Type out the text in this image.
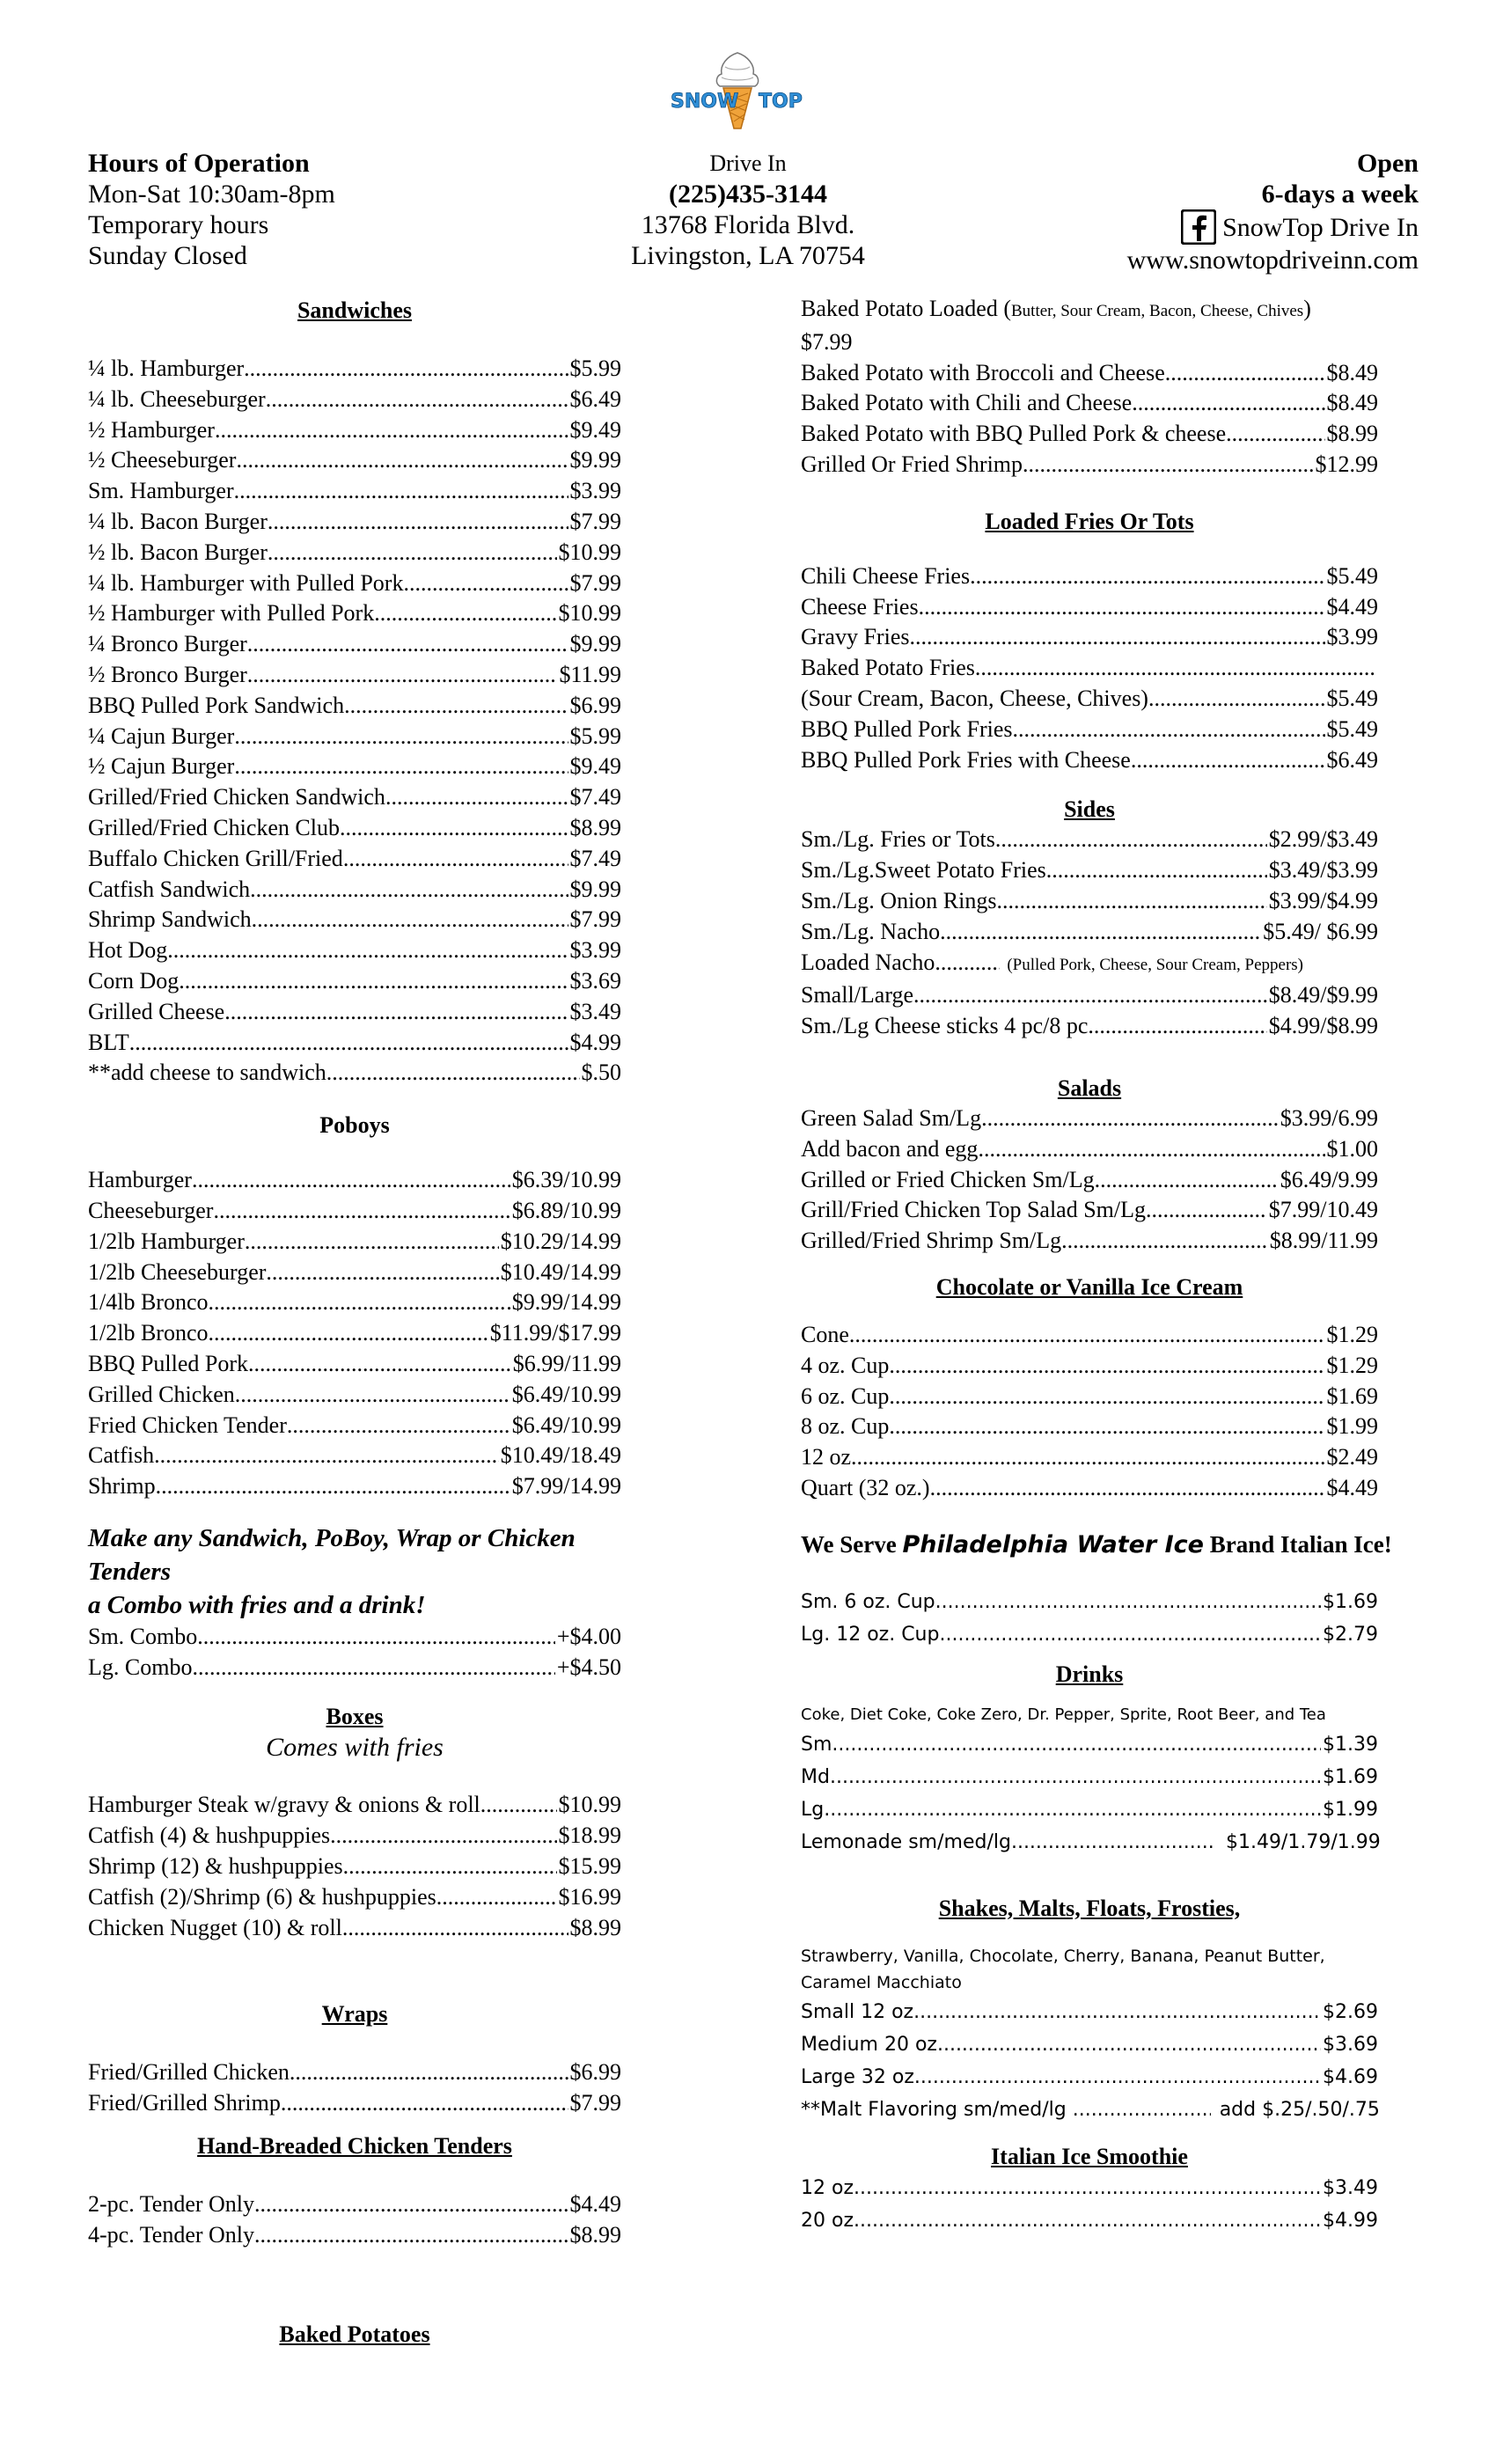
SNOW TOP
Hours of Operation
Mon-Sat 10:30am-8pm
Temporary hours
Sunday Closed
Drive In
(225)435-3144
13768 Florida Blvd.
Livingston, LA 70754
Open
6-days a week
SnowTop Drive In
www.snowtopdriveinn.com
Sandwiches
¼ lb. Hamburger .....	$5.99
¼ lb. Cheeseburger .....	$6.49
½ Hamburger .....	$9.49
½ Cheeseburger .....	$9.99
Sm. Hamburger .....	$3.99
¼ lb. Bacon Burger .....	$7.99
½ lb. Bacon Burger .....	$10.99
¼ lb. Hamburger with Pulled Pork .....	$7.99
½ Hamburger with Pulled Pork .....	$10.99
¼ Bronco Burger .....	$9.99
½ Bronco Burger .....	$11.99
BBQ Pulled Pork Sandwich .....	$6.99
¼ Cajun Burger .....	$5.99
½ Cajun Burger .....	$9.49
Grilled/Fried Chicken Sandwich .....	$7.49
Grilled/Fried Chicken Club .....	$8.99
Buffalo Chicken Grill/Fried .....	$7.49
Catfish Sandwich .....	$9.99
Shrimp Sandwich .....	$7.99
Hot Dog .....	$3.99
Corn Dog .....	$3.69
Grilled Cheese .....	$3.49
BLT .....	$4.99
**add cheese to sandwich .....	$.50
Poboys
Hamburger .....	$6.39/10.99
Cheeseburger .....	$6.89/10.99
1/2lb Hamburger .....	$10.29/14.99
1/2lb Cheeseburger .....	$10.49/14.99
1/4lb Bronco .....	.$9.99/14.99
1/2lb Bronco .....	$11.99/$17.99
BBQ Pulled Pork .....	$6.99/11.99
Grilled Chicken .....	$6.49/10.99
Fried Chicken Tender .....	$6.49/10.99
Catfish .....	$10.49/18.49
Shrimp .....	$7.99/14.99
Make any Sandwich, PoBoy, Wrap or Chicken Tenders
a Combo with fries and a drink!
Sm. Combo .....	+$4.00
Lg. Combo .....	+$4.50
Boxes
Comes with fries
Hamburger Steak w/gravy & onions & roll .....	$10.99
Catfish (4) & hushpuppies .....	$18.99
Shrimp (12) & hushpuppies .....	$15.99
Catfish (2)/Shrimp (6) & hushpuppies .....	$16.99
Chicken Nugget (10) & roll .....	$8.99
Wraps
Fried/Grilled Chicken .....	$6.99
Fried/Grilled Shrimp .....	$7.99
Hand-Breaded Chicken Tenders
2-pc. Tender Only .....	$4.49
4-pc. Tender Only .....	$8.99
Baked Potatoes
Baked Potato Loaded (Butter, Sour Cream, Bacon, Cheese, Chives)
$7.99
Baked Potato with Broccoli and Cheese .....	$8.49
Baked Potato with Chili and Cheese .....	$8.49
Baked Potato with BBQ Pulled Pork & cheese .....	$8.99
Grilled Or Fried Shrimp .....	$12.99
Loaded Fries Or Tots
Chili Cheese Fries .....	$5.49
Cheese Fries .....	$4.49
Gravy Fries .....	$3.99
Baked Potato Fries
.....
(Sour Cream, Bacon, Cheese, Chives) .....	$5.49
BBQ Pulled Pork Fries .....	$5.49
BBQ Pulled Pork Fries with Cheese .....	$6.49
Sides
Sm./Lg. Fries or Tots .....	$2.99/$3.49
Sm./Lg.Sweet Potato Fries .....	$3.49/$3.99
Sm./Lg. Onion Rings .....	$3.99/$4.99
Sm./Lg. Nacho .....	$5.49/ $6.99
Loaded Nacho .....	(Pulled Pork, Cheese, Sour Cream, Peppers)
Small/Large .....	$8.49/$9.99
Sm./Lg Cheese sticks 4 pc/8 pc. .....	$4.99/$8.99
Salads
Green Salad Sm/Lg .....	$3.99/6.99
Add bacon and egg .....	$1.00
Grilled or Fried Chicken Sm/Lg .....	$6.49/9.99
Grill/Fried Chicken Top Salad Sm/Lg .....	$7.99/10.49
Grilled/Fried Shrimp Sm/Lg .....	$8.99/11.99
Chocolate or Vanilla Ice Cream
Cone .....	$1.29
4 oz. Cup .....	$1.29
6 oz. Cup .....	$1.69
8 oz. Cup .....	$1.99
12 oz. .....	$2.49
Quart (32 oz.) .....	$4.49
We Serve Philadelphia Water Ice Brand Italian Ice!
Sm. 6 oz. Cup .....	$1.69
Lg. 12 oz. Cup .....	$2.79
Drinks
Coke, Diet Coke, Coke Zero, Dr. Pepper, Sprite, Root Beer, and Tea
Sm. .....	$1.39
Md. .....	$1.69
Lg. .....	$1.99
Lemonade sm/med/lg .....	$1.49/1.79/1.99
Shakes, Malts, Floats, Frosties,
Strawberry, Vanilla, Chocolate, Cherry, Banana, Peanut Butter, Caramel Macchiato
Small 12 oz. .....	$2.69
Medium 20 oz. .....	$3.69
Large 32 oz. .....	$4.69
**Malt Flavoring sm/med/lg . .....	add $.25/.50/.75
Italian Ice Smoothie
12 oz. .....	$3.49
20 oz. .....	$4.99
